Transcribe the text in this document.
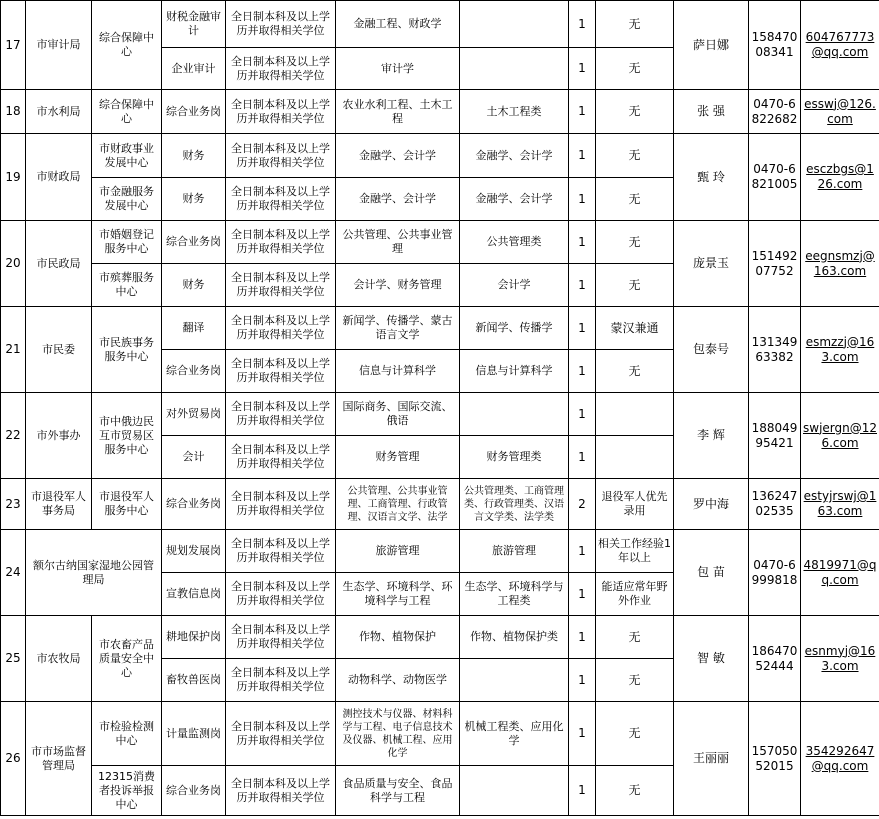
17	市审计局	综合保障中心	财税金融审计	全日制本科及以上学历并取得相关学位	金融工程、财政学		1	无	萨日娜	15847008341	604767773@qq.com
			企业审计	全日制本科及以上学历并取得相关学位	审计学		1	无			
18	市水利局	综合保障中心	综合业务岗	全日制本科及以上学历并取得相关学位	农业水利工程、土木工程	土木工程类	1	无	张 强	0470-6822682	esswj@126.com
19	市财政局	市财政事业发展中心	财务	全日制本科及以上学历并取得相关学位	金融学、会计学	金融学、会计学	1	无	甄 玲	0470-6821005	esczbgs@126.com
		市金融服务发展中心	财务	全日制本科及以上学历并取得相关学位	金融学、会计学	金融学、会计学	1	无			
20	市民政局	市婚姻登记服务中心	综合业务岗	全日制本科及以上学历并取得相关学位	公共管理、公共事业管理	公共管理类	1	无	庞景玉	15149207752	eegnsmzj@163.com
		市殡葬服务中心	财务	全日制本科及以上学历并取得相关学位	会计学、财务管理	会计学	1	无			
21	市民委	市民族事务服务中心	翻译	全日制本科及以上学历并取得相关学位	新闻学、传播学、蒙古语言文学	新闻学、传播学	1	蒙汉兼通	包泰号	13134963382	esmzzj@163.com
			综合业务岗	全日制本科及以上学历并取得相关学位	信息与计算科学	信息与计算科学	1	无			
22	市外事办	市中俄边民互市贸易区服务中心	对外贸易岗	全日制本科及以上学历并取得相关学位	国际商务、国际交流、俄语		1		李 辉	18804995421	swjergn@126.com
			会计	全日制本科及以上学历并取得相关学位	财务管理	财务管理类	1				
23	市退役军人事务局	市退役军人服务中心	综合业务岗	全日制本科及以上学历并取得相关学位	公共管理、公共事业管理、工商管理、行政管理、汉语言文学、法学	公共管理类、工商管理类、行政管理类、汉语言文学类、法学类	2	退役军人优先录用	罗中海	13624702535	estyjrswj@163.com
24	额尔古纳国家湿地公园管理局		规划发展岗	全日制本科及以上学历并取得相关学位	旅游管理	旅游管理	1	相关工作经验1年以上	包 苗	0470-6999818	4819971@qq.com
			宣教信息岗	全日制本科及以上学历并取得相关学位	生态学、环境科学、环境科学与工程	生态学、环境科学与工程类	1	能适应常年野外作业			
25	市农牧局	市农畜产品质量安全中心	耕地保护岗	全日制本科及以上学历并取得相关学位	作物、植物保护	作物、植物保护类	1	无	智 敏	18647052444	esnmyj@163.com
			畜牧兽医岗	全日制本科及以上学历并取得相关学位	动物科学、动物医学		1	无			
26	市市场监督管理局	市检验检测中心	计量监测岗	全日制本科及以上学历并取得相关学位	测控技术与仪器、材料科学与工程、电子信息技术及仪器、机械工程、应用化学	机械工程类、应用化学	1	无	王丽丽	15705052015	354292647@qq.com
		12315消费者投诉举报中心	综合业务岗	全日制本科及以上学历并取得相关学位	食品质量与安全、食品科学与工程		1	无			
